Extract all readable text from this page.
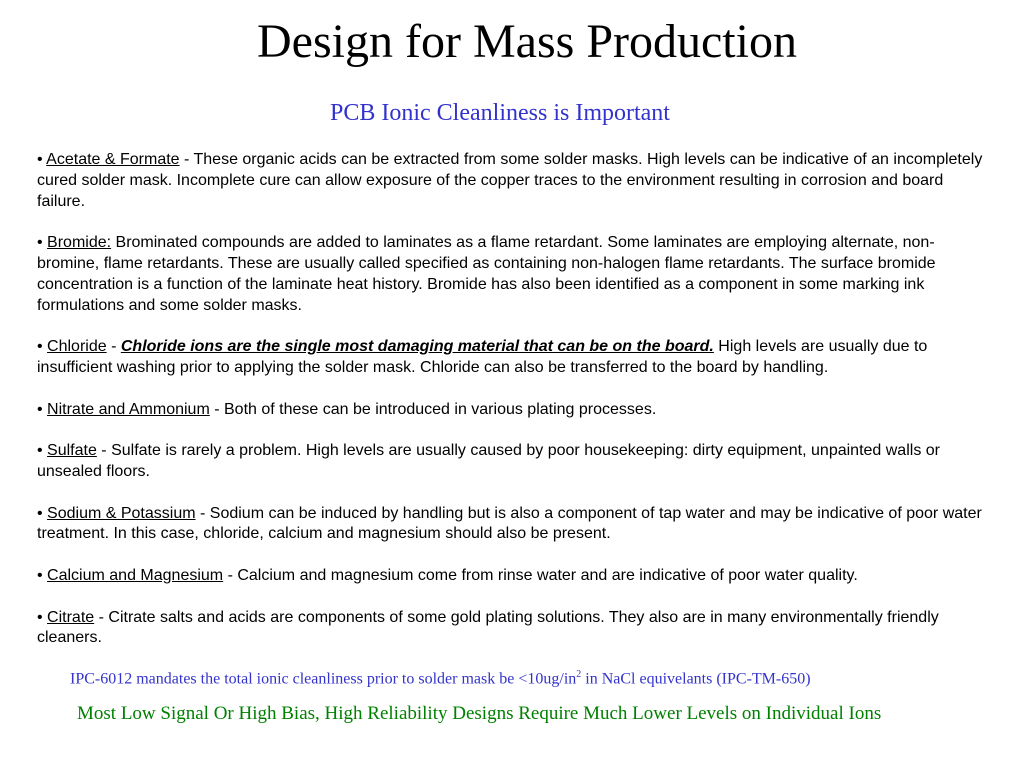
Design for Mass Production
PCB Ionic Cleanliness is Important

• Acetate & Formate - These organic acids can be extracted from some solder masks. High levels can be indicative of an incompletely cured solder mask. Incomplete cure can allow exposure of the copper traces to the environment resulting in corrosion and board failure.

• Bromide: Brominated compounds are added to laminates as a flame retardant. Some laminates are employing alternate, non-bromine, flame retardants. These are usually called specified as containing non-halogen flame retardants. The surface bromide concentration is a function of the laminate heat history. Bromide has also been identified as a component in some marking ink formulations and some solder masks.

• Chloride - Chloride ions are the single most damaging material that can be on the board. High levels are usually due to insufficient washing prior to applying the solder mask. Chloride can also be transferred to the board by handling.

• Nitrate and Ammonium - Both of these can be introduced in various plating processes.

• Sulfate - Sulfate is rarely a problem. High levels are usually caused by poor housekeeping: dirty equipment, unpainted walls or unsealed floors.

• Sodium & Potassium - Sodium can be induced by handling but is also a component of tap water and may be indicative of poor water treatment. In this case, chloride, calcium and magnesium should also be present.

• Calcium and Magnesium - Calcium and magnesium come from rinse water and are indicative of poor water quality.

• Citrate - Citrate salts and acids are components of some gold plating solutions. They also are in many environmentally friendly cleaners.

IPC-6012 mandates the total ionic cleanliness prior to solder mask be $<10ug/in^2$ in NaCl equivelants (IPC-TM-650)
Most Low Signal Or High Bias, High Reliability Designs Require Much Lower Levels on Individual Ions
